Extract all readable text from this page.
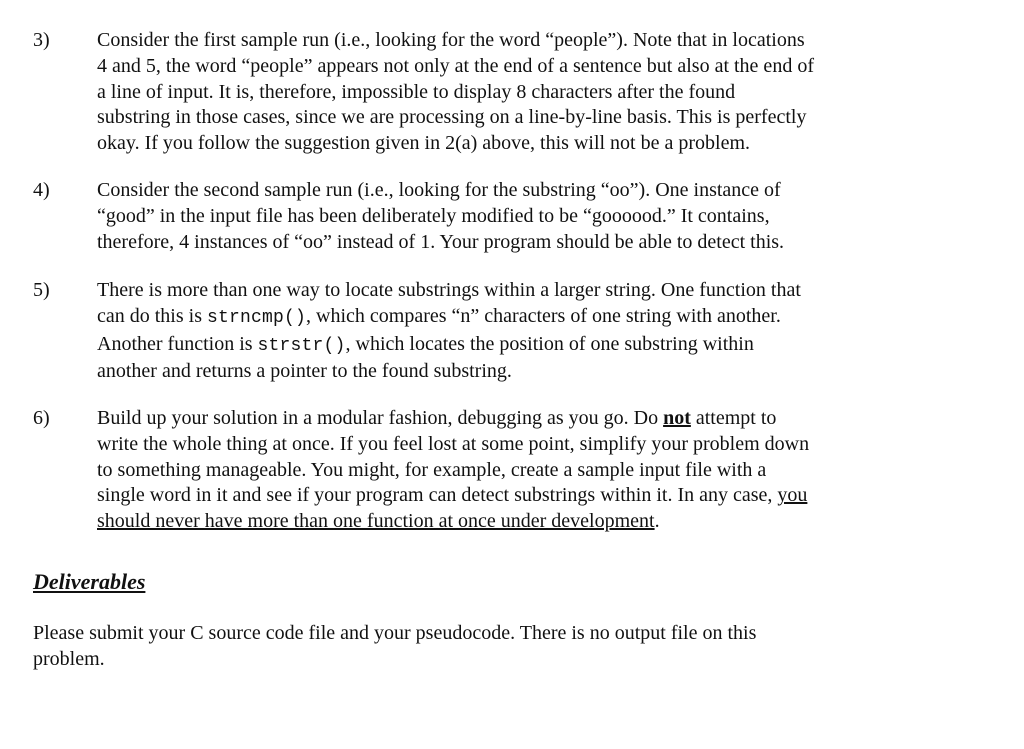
3)	Consider the first sample run (i.e., looking for the word “people”). Note that in locations
4 and 5, the word “people” appears not only at the end of a sentence but also at the end of
a line of input. It is, therefore, impossible to display 8 characters after the found
substring in those cases, since we are processing on a line-by-line basis. This is perfectly
okay. If you follow the suggestion given in 2(a) above, this will not be a problem.
4)	Consider the second sample run (i.e., looking for the substring “oo”). One instance of
“good” in the input file has been deliberately modified to be “goooood.” It contains,
therefore, 4 instances of “oo” instead of 1. Your program should be able to detect this.
5)	There is more than one way to locate substrings within a larger string. One function that
can do this is strncmp(), which compares “n” characters of one string with another.
Another function is strstr(), which locates the position of one substring within
another and returns a pointer to the found substring.
6)	Build up your solution in a modular fashion, debugging as you go. Do not attempt to
write the whole thing at once. If you feel lost at some point, simplify your problem down
to something manageable. You might, for example, create a sample input file with a
single word in it and see if your program can detect substrings within it. In any case, you
should never have more than one function at once under development.
Deliverables
Please submit your C source code file and your pseudocode. There is no output file on this
problem.
